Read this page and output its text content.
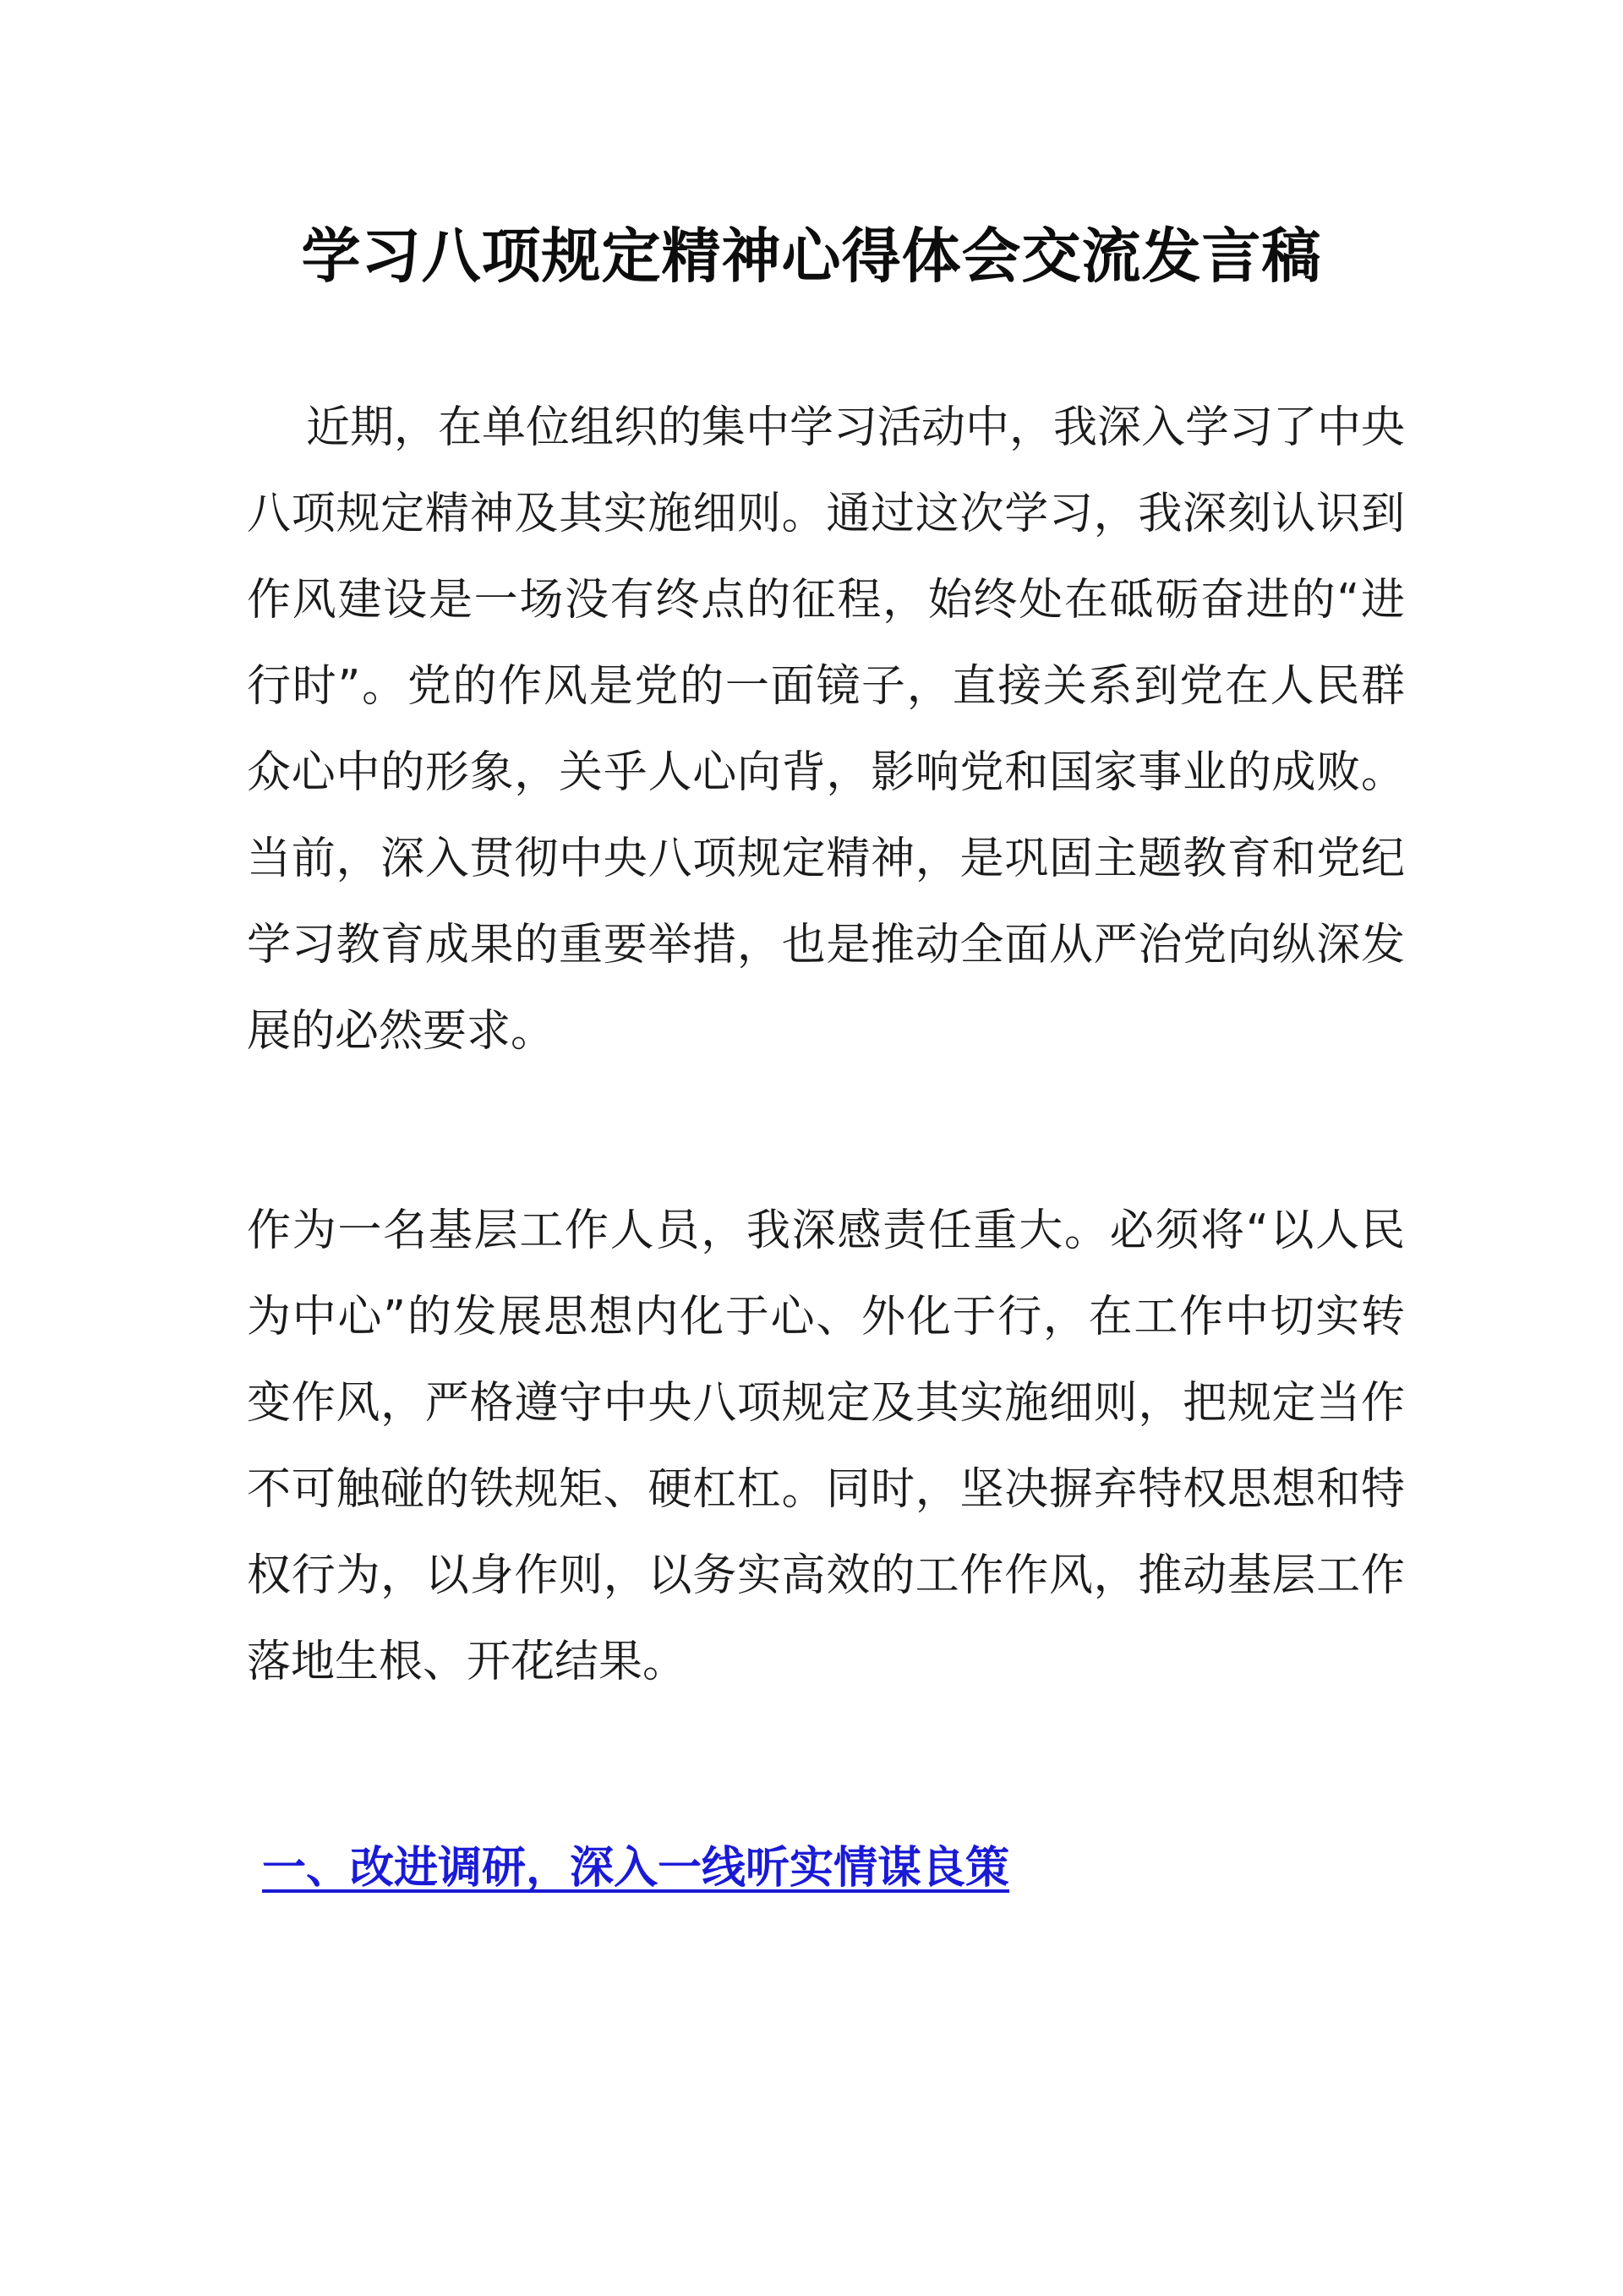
学习八项规定精神心得体会交流发言稿

近期，在单位组织的集中学习活动中，我深入学习了中央八项规定精神及其实施细则。通过这次学习，我深刻认识到作风建设是一场没有终点的征程，始终处在砥砺奋进的“进行时”。党的作风是党的一面镜子，直接关系到党在人民群众心中的形象，关乎人心向背，影响党和国家事业的成败。当前，深入贯彻中央八项规定精神，是巩固主题教育和党纪学习教育成果的重要举措，也是推动全面从严治党向纵深发展的必然要求。

作为一名基层工作人员，我深感责任重大。必须将“以人民为中心”的发展思想内化于心、外化于行，在工作中切实转变作风，严格遵守中央八项规定及其实施细则，把规定当作不可触碰的铁规矩、硬杠杠。同时，坚决摒弃特权思想和特权行为，以身作则，以务实高效的工作作风，推动基层工作落地生根、开花结果。

一、改进调研，深入一线听实情谋良策
